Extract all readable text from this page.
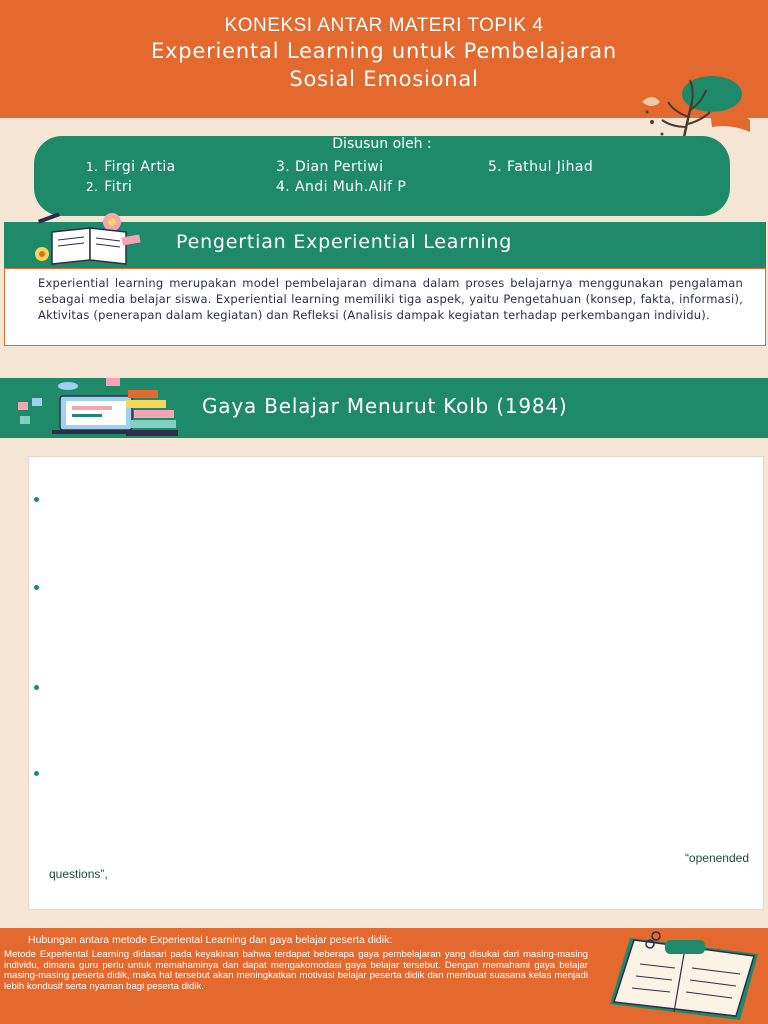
KONEKSI ANTAR MATERI TOPIK 4
Experiental Learning untuk Pembelajaran
Sosial Emosional
Disusun oleh :
1. Firgi Artia
2. Fitri
3. Dian Pertiwi
4. Andi Muh.Alif P
5. Fathul Jihad
Pengertian Experiential Learning

Experiential learning merupakan model pembelajaran dimana dalam proses belajarnya menggunakan pengalaman sebagai media belajar siswa. Experiential learning memiliki tiga aspek, yaitu Pengetahuan (konsep, fakta, informasi), Aktivitas (penerapan dalam kegiatan) dan Refleksi (Analisis dampak kegiatan terhadap perkembangan individu).

Gaya Belajar Menurut Kolb (1984)
“openended
questions”,
Hubungan antara metode Experiental Learning dan gaya belajar peserta didik:
Metode Experiental Learning didasari pada keyakinan bahwa terdapat beberapa gaya pembelajaran yang disukai dari masing-masing individu, dimana guru perlu untuk memahaminya dan dapat mengakomodasi gaya belajar tersebut. Dengan memahami gaya belajar masing-masing peserta didik, maka hal tersebut akan meningkatkan motivasi belajar peserta didik dan membuat suasana kelas menjadi lebih kondusif serta nyaman bagi peserta didik.
